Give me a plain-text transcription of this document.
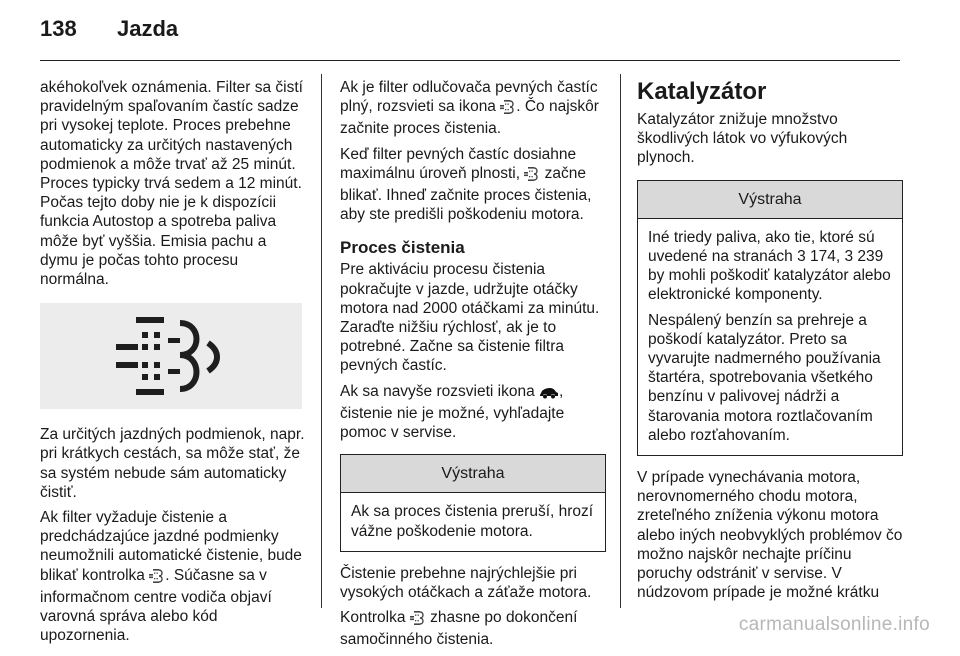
138 Jazda

akéhokoľvek oznámenia. Filter sa čistí pravidelným spaľovaním častíc sadze pri vysokej teplote. Proces prebehne automaticky za určitých nastavených podmienok a môže trvať až 25 minút. Proces typicky trvá sedem a 12 minút. Počas tejto doby nie je k dispozícii funkcia Autostop a spotreba paliva môže byť vyššia. Emisia pachu a dymu je počas tohto procesu normálna.

Za určitých jazdných podmienok, napr. pri krátkych cestách, sa môže stať, že sa systém nebude sám automaticky čistiť.

Ak filter vyžaduje čistenie a predchádzajúce jazdné podmienky neumožnili automatické čistenie, bude blikať kontrolka . Súčasne sa v informačnom centre vodiča objaví varovná správa alebo kód upozornenia.

Ak je filter odlučovača pevných častíc plný, rozsvieti sa ikona . Čo najskôr začnite proces čistenia.

Keď filter pevných častíc dosiahne maximálnu úroveň plnosti,  začne blikať. Ihneď začnite proces čistenia, aby ste predišli poškodeniu motora.

Proces čistenia

Pre aktiváciu procesu čistenia pokračujte v jazde, udržujte otáčky motora nad 2000 otáčkami za minútu. Zaraďte nižšiu rýchlosť, ak je to potrebné. Začne sa čistenie filtra pevných častíc.

Ak sa navyše rozsvieti ikona , čistenie nie je možné, vyhľadajte pomoc v servise.

Výstraha

Ak sa proces čistenia preruší, hrozí vážne poškodenie motora.

Čistenie prebehne najrýchlejšie pri vysokých otáčkach a záťaže motora.

Kontrolka  zhasne po dokončení samočinného čistenia.

Katalyzátor

Katalyzátor znižuje množstvo škodlivých látok vo výfukových plynoch.

Výstraha

Iné triedy paliva, ako tie, ktoré sú uvedené na stranách 3 174, 3 239 by mohli poškodiť katalyzátor alebo elektronické komponenty.

Nespálený benzín sa prehreje a poškodí katalyzátor. Preto sa vyvarujte nadmerného používania štartéra, spotrebovania všetkého benzínu v palivovej nádrži a štarovania motora roztlačovaním alebo rozťahovaním.

V prípade vynechávania motora, nerovnomerného chodu motora, zreteľného zníženia výkonu motora alebo iných neobvyklých problémov čo možno najskôr nechajte príčinu poruchy odstrániť v servise. V núdzovom prípade je možné krátku

carmanualsonline.info
